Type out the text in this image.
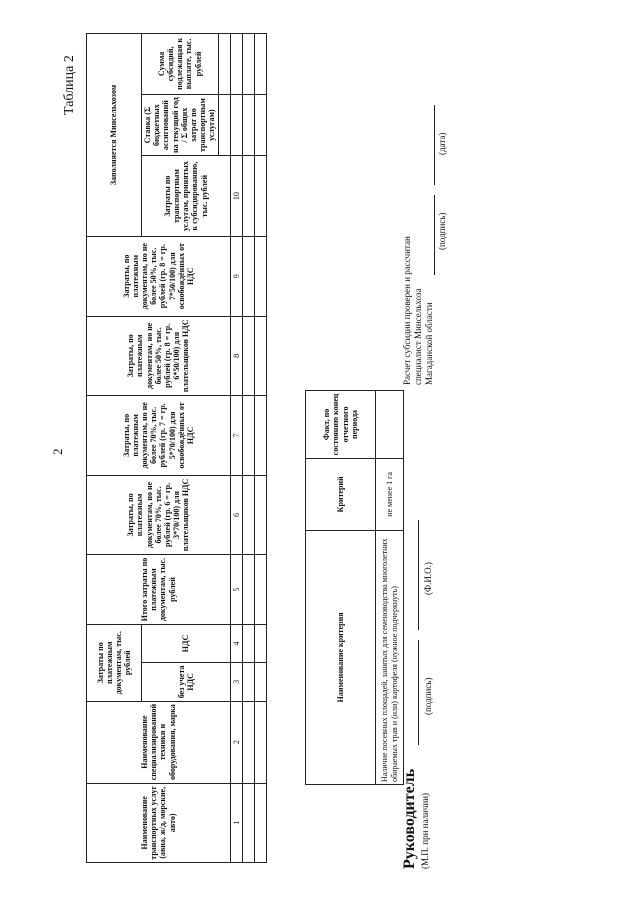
2
Таблица 2
Наименование транспортных услуг (авиа, ж/д, морские, авто)	Наименование специализированной техники и оборудования, марка	Затраты по платежным документам, тыс. рублей		Итого затраты по платежным документам, тыс. рублей	Затраты, по платежным документам, но не более 70%, тыс. рублей (гр. 6 = гр. 3*70/100) для плательщиков НДС	Затраты, по платежным документам, но не более 70%, тыс. рублей (гр. 7 = гр. 5*70/100) для освобождённых от НДС	Затраты, по платежным документам, но не более 50%, тыс. рублей (гр. 8 = гр. 6*50/100) для плательщиков НДС	Затраты, по платежным документам, но не более 50%, тыс. рублей (гр. 8 = гр. 7*50/100) для освобождённых от НДС	Заполняется Минсельхозом		
		без учета НДС	НДС						Затраты по транспортным услугам, принятых к субсидированию, тыс. рублей	Ставка (Σ бюджетных ассигнований на текущий год / Σ общих затрат по транспортным услугам)	Сумма субсидий, подлежащая к выплате, тыс. рублей

1	2	3	4	5	6	7	8	9	10		

Наименование критерия	Критерий	Факт, по состоянию конец отчетного периода
Наличие посевных площадей, занятых для семеноводства многолетних обираемых трав и (или) картофеля (нужное подчеркнуть)	не менее 1 га	
Руководитель (М.П. при наличии)
(подпись)
(Ф.И.О.)
Расчет субсидии проверен и рассчитан специалист Минсельхоза Магаданской области
(подпись)
(дата)
